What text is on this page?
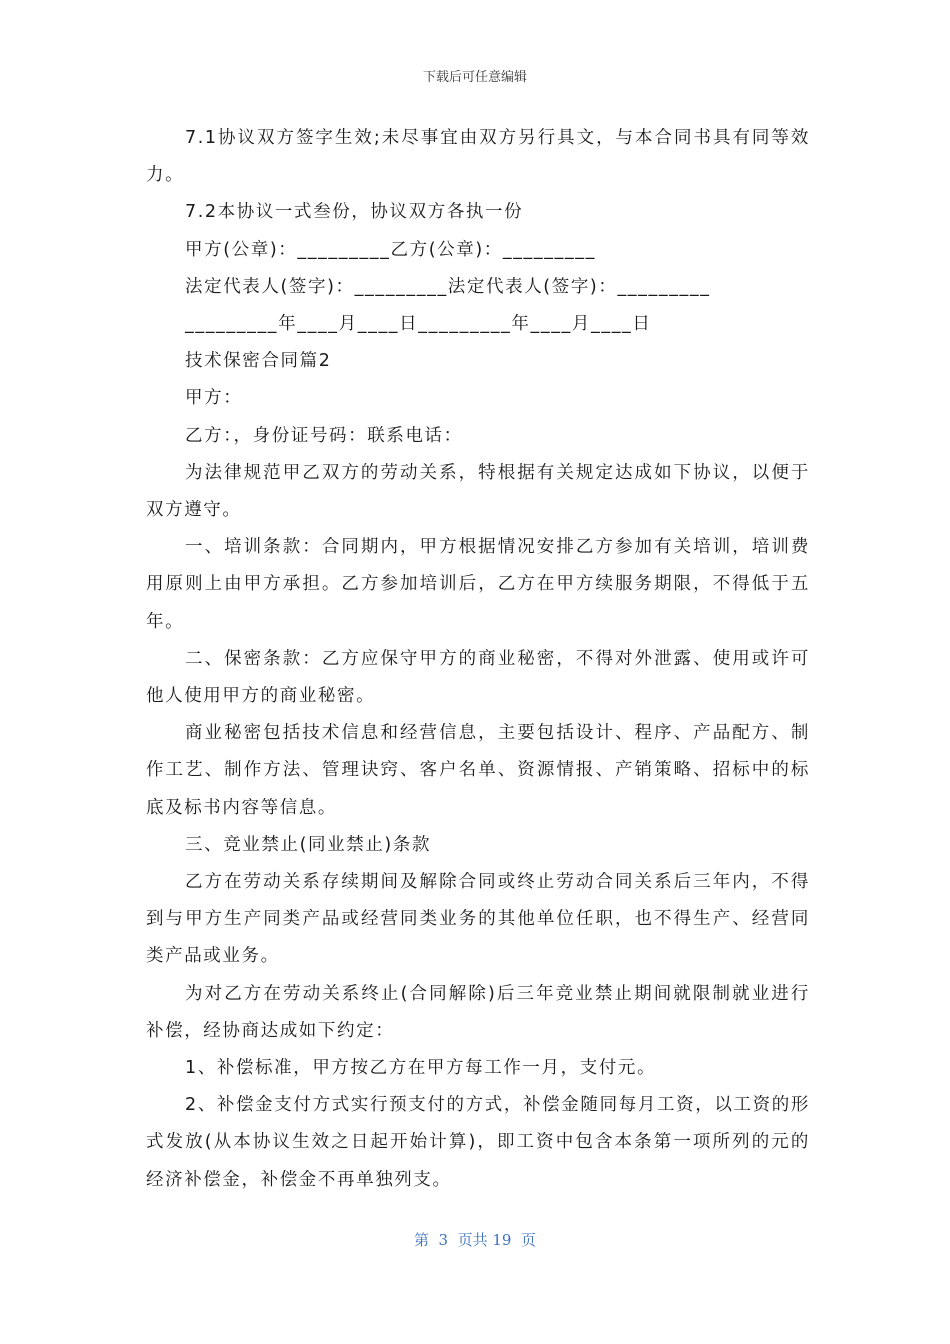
下载后可任意编辑

7.1协议双方签字生效;未尽事宜由双方另行具文，与本合同书具有同等效力。

7.2本协议一式叁份，协议双方各执一份

甲方(公章)：_________乙方(公章)：_________

法定代表人(签字)：_________法定代表人(签字)：_________

_________年____月____日_________年____月____日

技术保密合同篇2

甲方：

乙方：，身份证号码：联系电话：

为法律规范甲乙双方的劳动关系，特根据有关规定达成如下协议，以便于双方遵守。

一、培训条款：合同期内，甲方根据情况安排乙方参加有关培训，培训费用原则上由甲方承担。乙方参加培训后，乙方在甲方续服务期限，不得低于五年。

二、保密条款：乙方应保守甲方的商业秘密，不得对外泄露、使用或许可他人使用甲方的商业秘密。

商业秘密包括技术信息和经营信息，主要包括设计、程序、产品配方、制作工艺、制作方法、管理诀窍、客户名单、资源情报、产销策略、招标中的标底及标书内容等信息。

三、竞业禁止(同业禁止)条款

乙方在劳动关系存续期间及解除合同或终止劳动合同关系后三年内，不得到与甲方生产同类产品或经营同类业务的其他单位任职，也不得生产、经营同类产品或业务。

为对乙方在劳动关系终止(合同解除)后三年竞业禁止期间就限制就业进行补偿，经协商达成如下约定：

1、补偿标准，甲方按乙方在甲方每工作一月，支付元。

2、补偿金支付方式实行预支付的方式，补偿金随同每月工资，以工资的形式发放(从本协议生效之日起开始计算)，即工资中包含本条第一项所列的元的经济补偿金，补偿金不再单独列支。

第  3  页共 19  页
